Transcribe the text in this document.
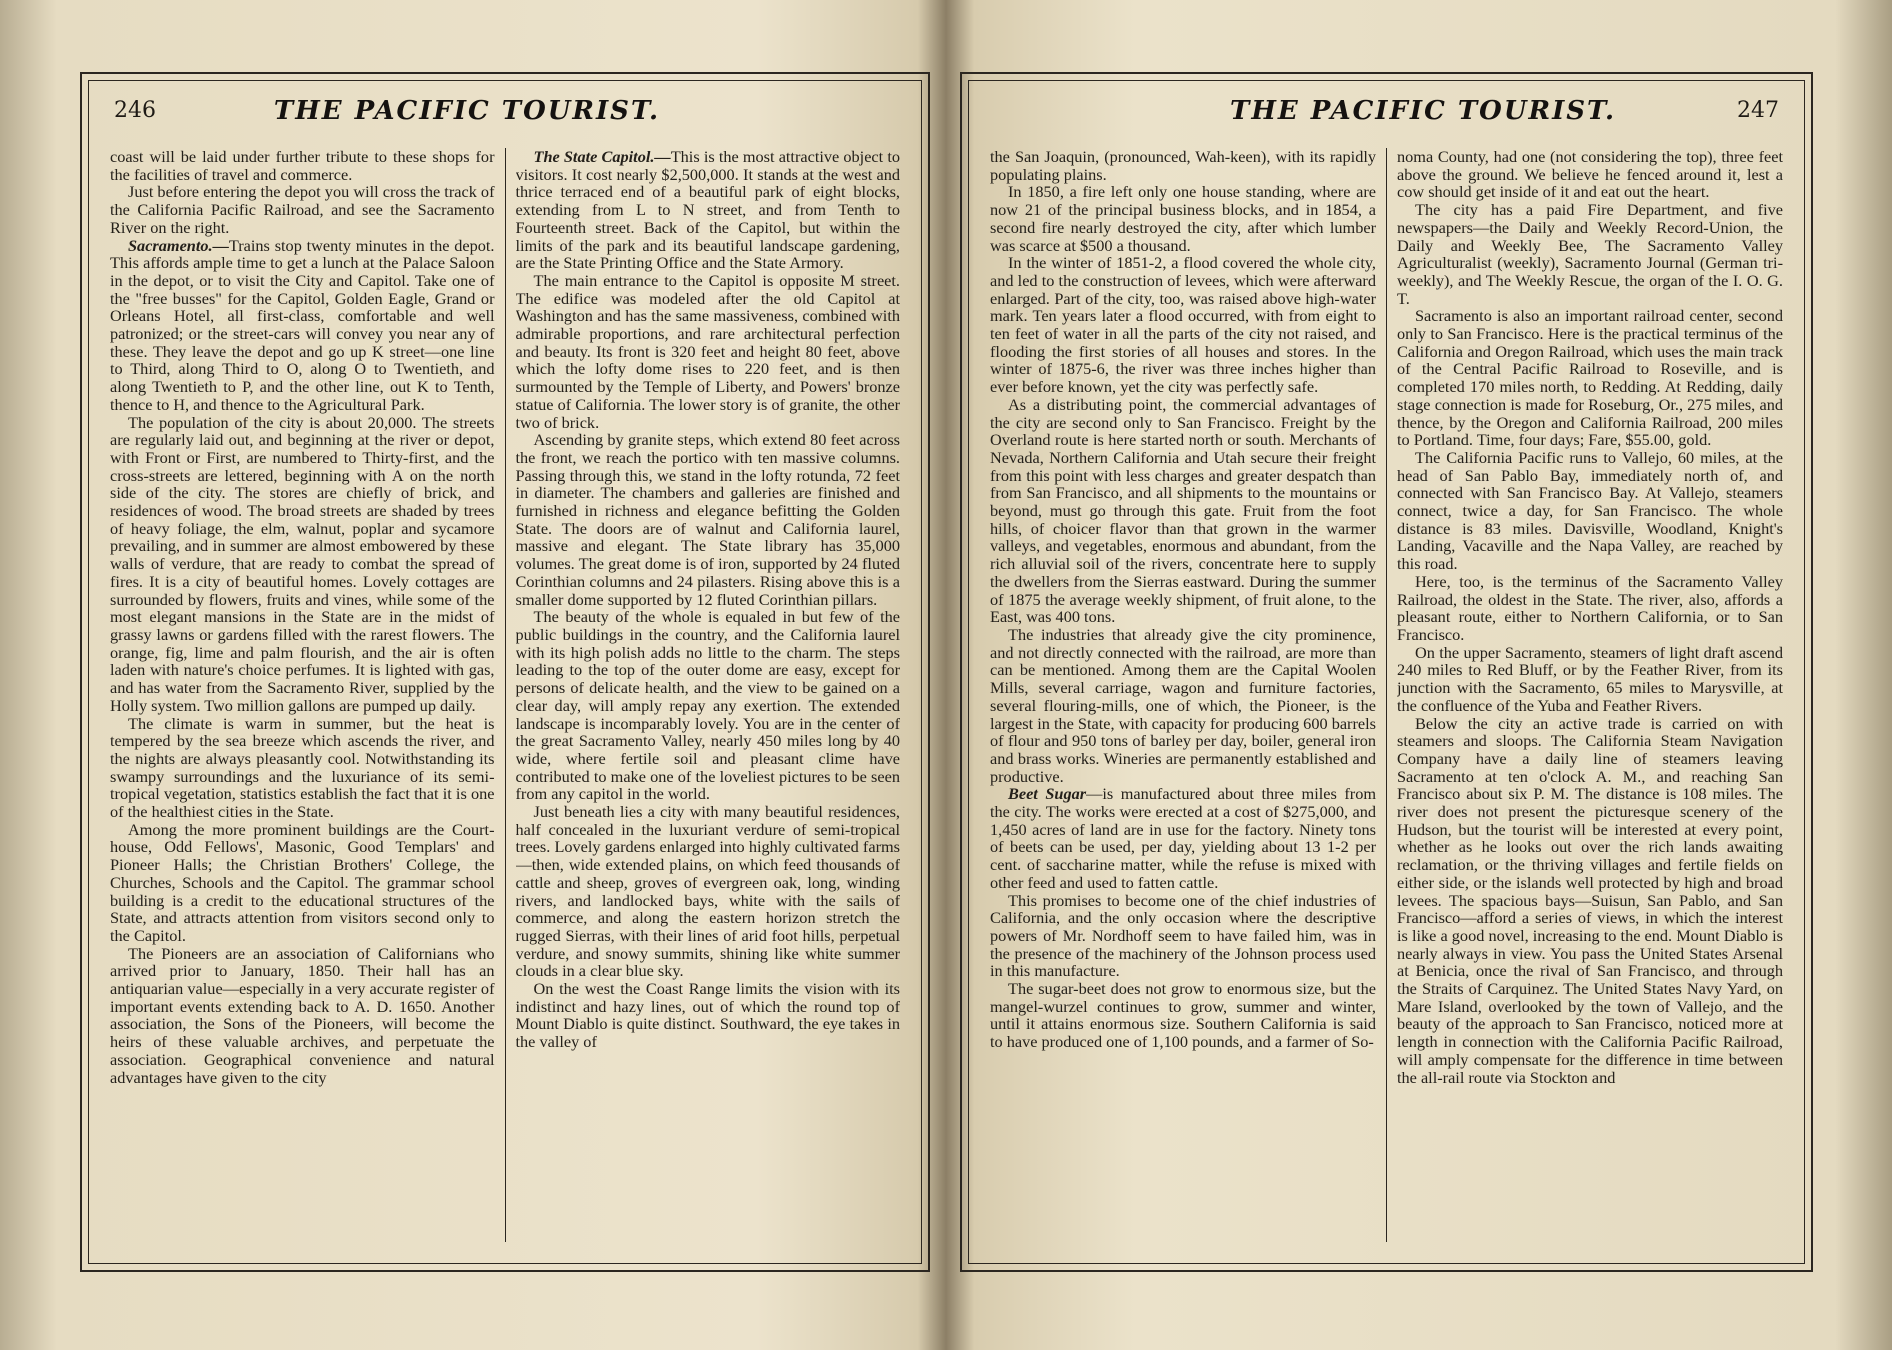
246	THE PACIFIC TOURIST.

coast will be laid under further tribute to these shops for the facilities of travel and commerce.

Just before entering the depot you will cross the track of the California Pacific Railroad, and see the Sacramento River on the right.

Sacramento.—Trains stop twenty minutes in the depot. This affords ample time to get a lunch at the Palace Saloon in the depot, or to visit the City and Capitol. Take one of the "free busses" for the Capitol, Golden Eagle, Grand or Orleans Hotel, all first-class, comfortable and well patronized; or the street-cars will convey you near any of these. They leave the depot and go up K street—one line to Third, along Third to O, along O to Twentieth, and along Twentieth to P, and the other line, out K to Tenth, thence to H, and thence to the Agricultural Park.

The population of the city is about 20,000. The streets are regularly laid out, and beginning at the river or depot, with Front or First, are numbered to Thirty-first, and the cross-streets are lettered, beginning with A on the north side of the city. The stores are chiefly of brick, and residences of wood. The broad streets are shaded by trees of heavy foliage, the elm, walnut, poplar and sycamore prevailing, and in summer are almost embowered by these walls of verdure, that are ready to combat the spread of fires. It is a city of beautiful homes. Lovely cottages are surrounded by flowers, fruits and vines, while some of the most elegant mansions in the State are in the midst of grassy lawns or gardens filled with the rarest flowers. The orange, fig, lime and palm flourish, and the air is often laden with nature's choice perfumes. It is lighted with gas, and has water from the Sacramento River, supplied by the Holly system. Two million gallons are pumped up daily.

The climate is warm in summer, but the heat is tempered by the sea breeze which ascends the river, and the nights are always pleasantly cool. Notwithstanding its swampy surroundings and the luxuriance of its semi-tropical vegetation, statistics establish the fact that it is one of the healthiest cities in the State.

Among the more prominent buildings are the Court-house, Odd Fellows', Masonic, Good Templars' and Pioneer Halls; the Christian Brothers' College, the Churches, Schools and the Capitol. The grammar school building is a credit to the educational structures of the State, and attracts attention from visitors second only to the Capitol.

The Pioneers are an association of Californians who arrived prior to January, 1850. Their hall has an antiquarian value—especially in a very accurate register of important events extending back to A. D. 1650. Another association, the Sons of the Pioneers, will become the heirs of these valuable archives, and perpetuate the association. Geographical convenience and natural advantages have given to the city

The State Capitol.—This is the most attractive object to visitors. It cost nearly $2,500,000. It stands at the west and thrice terraced end of a beautiful park of eight blocks, extending from L to N street, and from Tenth to Fourteenth street. Back of the Capitol, but within the limits of the park and its beautiful landscape gardening, are the State Printing Office and the State Armory.

The main entrance to the Capitol is opposite M street. The edifice was modeled after the old Capitol at Washington and has the same massiveness, combined with admirable proportions, and rare architectural perfection and beauty. Its front is 320 feet and height 80 feet, above which the lofty dome rises to 220 feet, and is then surmounted by the Temple of Liberty, and Powers' bronze statue of California. The lower story is of granite, the other two of brick.

Ascending by granite steps, which extend 80 feet across the front, we reach the portico with ten massive columns. Passing through this, we stand in the lofty rotunda, 72 feet in diameter. The chambers and galleries are finished and furnished in richness and elegance befitting the Golden State. The doors are of walnut and California laurel, massive and elegant. The State library has 35,000 volumes. The great dome is of iron, supported by 24 fluted Corinthian columns and 24 pilasters. Rising above this is a smaller dome supported by 12 fluted Corinthian pillars.

The beauty of the whole is equaled in but few of the public buildings in the country, and the California laurel with its high polish adds no little to the charm. The steps leading to the top of the outer dome are easy, except for persons of delicate health, and the view to be gained on a clear day, will amply repay any exertion. The extended landscape is incomparably lovely. You are in the center of the great Sacramento Valley, nearly 450 miles long by 40 wide, where fertile soil and pleasant clime have contributed to make one of the loveliest pictures to be seen from any capitol in the world.

Just beneath lies a city with many beautiful residences, half concealed in the luxuriant verdure of semi-tropical trees. Lovely gardens enlarged into highly cultivated farms—then, wide extended plains, on which feed thousands of cattle and sheep, groves of evergreen oak, long, winding rivers, and landlocked bays, white with the sails of commerce, and along the eastern horizon stretch the rugged Sierras, with their lines of arid foot hills, perpetual verdure, and snowy summits, shining like white summer clouds in a clear blue sky.

On the west the Coast Range limits the vision with its indistinct and hazy lines, out of which the round top of Mount Diablo is quite distinct. Southward, the eye takes in the valley of

THE PACIFIC TOURIST.	247

the San Joaquin, (pronounced, Wah-keen), with its rapidly populating plains.

In 1850, a fire left only one house standing, where are now 21 of the principal business blocks, and in 1854, a second fire nearly destroyed the city, after which lumber was scarce at $500 a thousand.

In the winter of 1851-2, a flood covered the whole city, and led to the construction of levees, which were afterward enlarged. Part of the city, too, was raised above high-water mark. Ten years later a flood occurred, with from eight to ten feet of water in all the parts of the city not raised, and flooding the first stories of all houses and stores. In the winter of 1875-6, the river was three inches higher than ever before known, yet the city was perfectly safe.

As a distributing point, the commercial advantages of the city are second only to San Francisco. Freight by the Overland route is here started north or south. Merchants of Nevada, Northern California and Utah secure their freight from this point with less charges and greater despatch than from San Francisco, and all shipments to the mountains or beyond, must go through this gate. Fruit from the foot hills, of choicer flavor than that grown in the warmer valleys, and vegetables, enormous and abundant, from the rich alluvial soil of the rivers, concentrate here to supply the dwellers from the Sierras eastward. During the summer of 1875 the average weekly shipment, of fruit alone, to the East, was 400 tons.

The industries that already give the city prominence, and not directly connected with the railroad, are more than can be mentioned. Among them are the Capital Woolen Mills, several carriage, wagon and furniture factories, several flouring-mills, one of which, the Pioneer, is the largest in the State, with capacity for producing 600 barrels of flour and 950 tons of barley per day, boiler, general iron and brass works. Wineries are permanently established and productive.

Beet Sugar—is manufactured about three miles from the city. The works were erected at a cost of $275,000, and 1,450 acres of land are in use for the factory. Ninety tons of beets can be used, per day, yielding about 13 1-2 per cent. of saccharine matter, while the refuse is mixed with other feed and used to fatten cattle.

This promises to become one of the chief industries of California, and the only occasion where the descriptive powers of Mr. Nordhoff seem to have failed him, was in the presence of the machinery of the Johnson process used in this manufacture.

The sugar-beet does not grow to enormous size, but the mangel-wurzel continues to grow, summer and winter, until it attains enormous size. Southern California is said to have produced one of 1,100 pounds, and a farmer of So-

noma County, had one (not considering the top), three feet above the ground. We believe he fenced around it, lest a cow should get inside of it and eat out the heart.

The city has a paid Fire Department, and five newspapers—the Daily and Weekly Record-Union, the Daily and Weekly Bee, The Sacramento Valley Agriculturalist (weekly), Sacramento Journal (German tri-weekly), and The Weekly Rescue, the organ of the I. O. G. T.

Sacramento is also an important railroad center, second only to San Francisco. Here is the practical terminus of the California and Oregon Railroad, which uses the main track of the Central Pacific Railroad to Roseville, and is completed 170 miles north, to Redding. At Redding, daily stage connection is made for Roseburg, Or., 275 miles, and thence, by the Oregon and California Railroad, 200 miles to Portland. Time, four days; Fare, $55.00, gold.

The California Pacific runs to Vallejo, 60 miles, at the head of San Pablo Bay, immediately north of, and connected with San Francisco Bay. At Vallejo, steamers connect, twice a day, for San Francisco. The whole distance is 83 miles. Davisville, Woodland, Knight's Landing, Vacaville and the Napa Valley, are reached by this road.

Here, too, is the terminus of the Sacramento Valley Railroad, the oldest in the State. The river, also, affords a pleasant route, either to Northern California, or to San Francisco.

On the upper Sacramento, steamers of light draft ascend 240 miles to Red Bluff, or by the Feather River, from its junction with the Sacramento, 65 miles to Marysville, at the confluence of the Yuba and Feather Rivers.

Below the city an active trade is carried on with steamers and sloops. The California Steam Navigation Company have a daily line of steamers leaving Sacramento at ten o'clock A. M., and reaching San Francisco about six P. M. The distance is 108 miles. The river does not present the picturesque scenery of the Hudson, but the tourist will be interested at every point, whether as he looks out over the rich lands awaiting reclamation, or the thriving villages and fertile fields on either side, or the islands well protected by high and broad levees. The spacious bays—Suisun, San Pablo, and San Francisco—afford a series of views, in which the interest is like a good novel, increasing to the end. Mount Diablo is nearly always in view. You pass the United States Arsenal at Benicia, once the rival of San Francisco, and through the Straits of Carquinez. The United States Navy Yard, on Mare Island, overlooked by the town of Vallejo, and the beauty of the approach to San Francisco, noticed more at length in connection with the California Pacific Railroad, will amply compensate for the difference in time between the all-rail route via Stockton and
